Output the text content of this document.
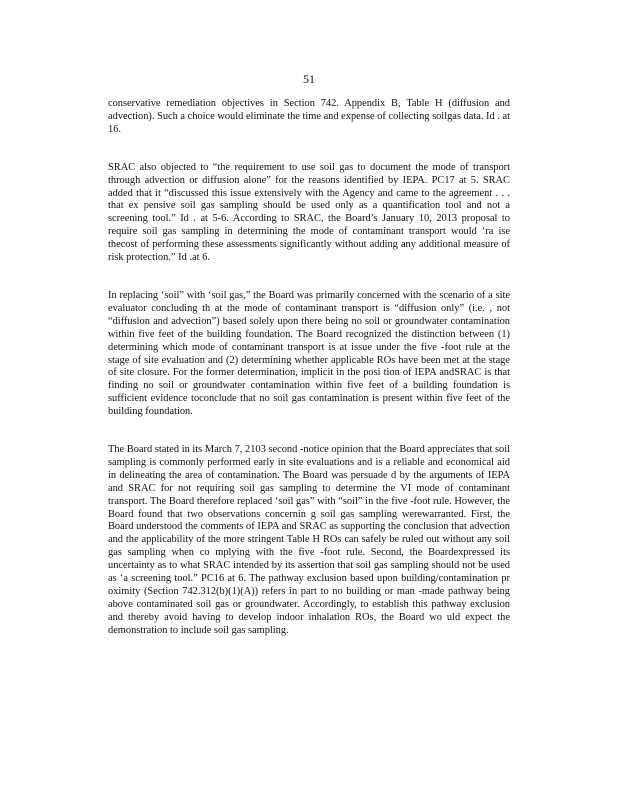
51

conservative remediation objectives in Section 742. Appendix B, Table H (diffusion and advection). Such a choice would eliminate the time and expense of collecting soilgas data. Id . at 16.

SRAC also objected to “the requirement to use soil gas to document the mode of transport through advection or diffusion alone” for the reasons identified by IEPA. PC17 at 5. SRAC added that it “discussed this issue extensively with the Agency and came to the agreement . . . that ex pensive soil gas sampling should be used only as a quantification tool and not a screening tool.” Id . at 5-6. According to SRAC, the Board’s January 10, 2013 proposal to require soil gas sampling in determining the mode of contaminant transport would ‘ra ise thecost of performing these assessments significantly without adding any additional measure of risk protection.” Id .at 6.

In replacing ‘soil” with ‘soil gas,” the Board was primarily concerned with the scenario of a site evaluator concluding th at the mode of contaminant transport is “diffusion only” (i.e. , not “diffusion and advection”) based solely upon there being no soil or groundwater contamination within five feet of the building foundation. The Board recognized the distinction between (1) determining which mode of contaminant transport is at issue under the five -foot rule at the stage of site evaluation and (2) determining whether applicable ROs have been met at the stage of site closure. For the former determination, implicit in the posi tion of IEPA andSRAC is that finding no soil or groundwater contamination within five feet of a building foundation is sufficient evidence toconclude that no soil gas contamination is present within five feet of the building foundation.

The Board stated in its March 7, 2103 second -notice opinion that the Board appreciates that soil sampling is commonly performed early in site evaluations and is a reliable and economical aid in delineating the area of contamination. The Board was persuade d by the arguments of IEPA and SRAC for not requiring soil gas sampling to determine the VI mode of contaminant transport. The Board therefore replaced ‘soil gas” with “soil” in the five -foot rule. However, the Board found that two observations concernin g soil gas sampling werewarranted. First, the Board understood the comments of IEPA and SRAC as supporting the conclusion that advection and the applicability of the more stringent Table H ROs can safely be ruled out without any soil gas sampling when co mplying with the five -foot rule. Second, the Boardexpressed its uncertainty as to what SRAC intended by its assertion that soil gas sampling should not be used as ‘a screening tool.” PC16 at 6. The pathway exclusion based upon building/contamination pr oximity (Section 742.312(b)(1)(A)) refers in part to no building or man -made pathway being above contaminated soil gas or groundwater. Accordingly, to establish this pathway exclusion and thereby avoid having to develop indoor inhalation ROs, the Board wo uld expect the demonstration to include soil gas sampling.
